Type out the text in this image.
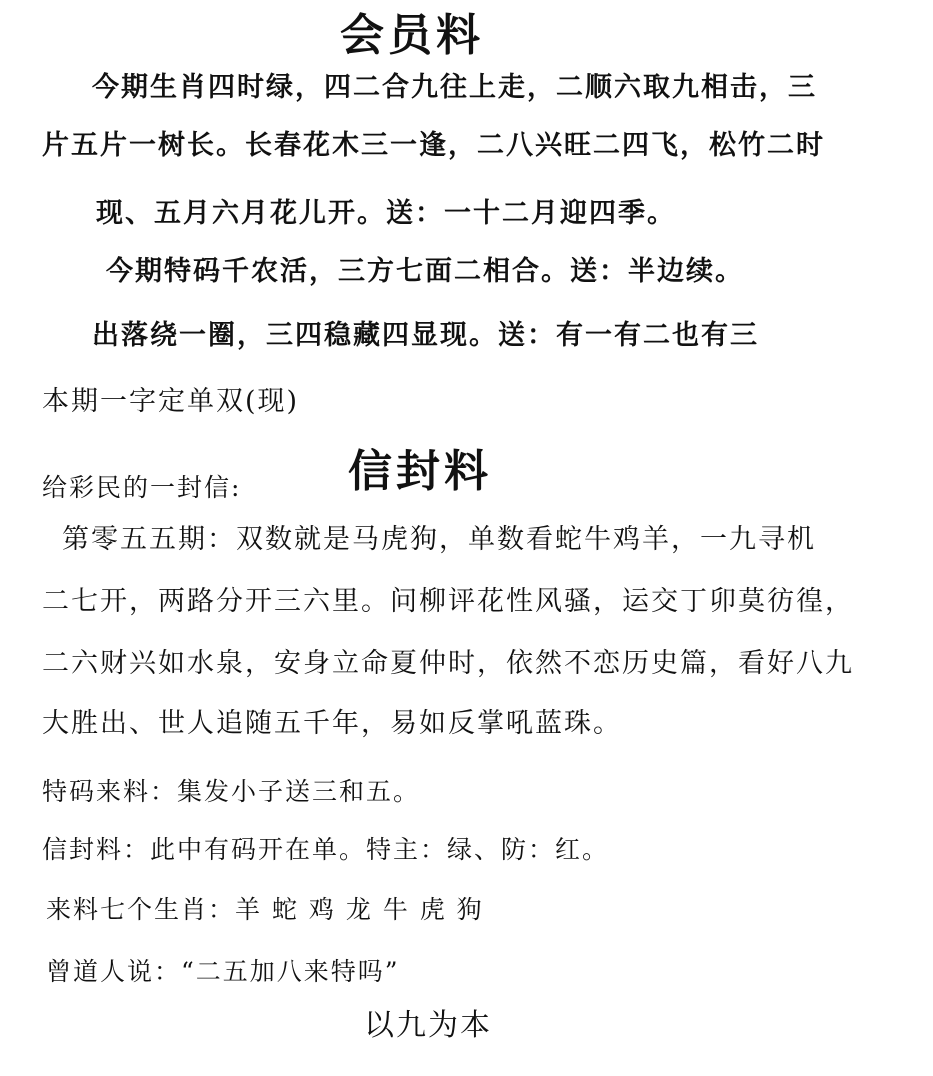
会员料
今期生肖四时绿，四二合九往上走，二顺六取九相击，三
片五片一树长。长春花木三一逢，二八兴旺二四飞，松竹二时
现、五月六月花儿开。送：一十二月迎四季。
今期特码千农活，三方七面二相合。送：半边续。
出落绕一圈，三四稳藏四显现。送：有一有二也有三
本期一字定单双(现)
给彩民的一封信: 信封料
第零五五期：双数就是马虎狗，单数看蛇牛鸡羊，一九寻机
二七开，两路分开三六里。问柳评花性风骚，运交丁卯莫彷徨，
二六财兴如水泉，安身立命夏仲时，依然不恋历史篇，看好八九
大胜出、世人追随五千年，易如反掌吼蓝珠。
特码来料：集发小子送三和五。
信封料：此中有码开在单。特主：绿、防：红。
来料七个生肖：羊 蛇 鸡 龙 牛 虎 狗
曾道人说：“二五加八来特吗”
以九为本
